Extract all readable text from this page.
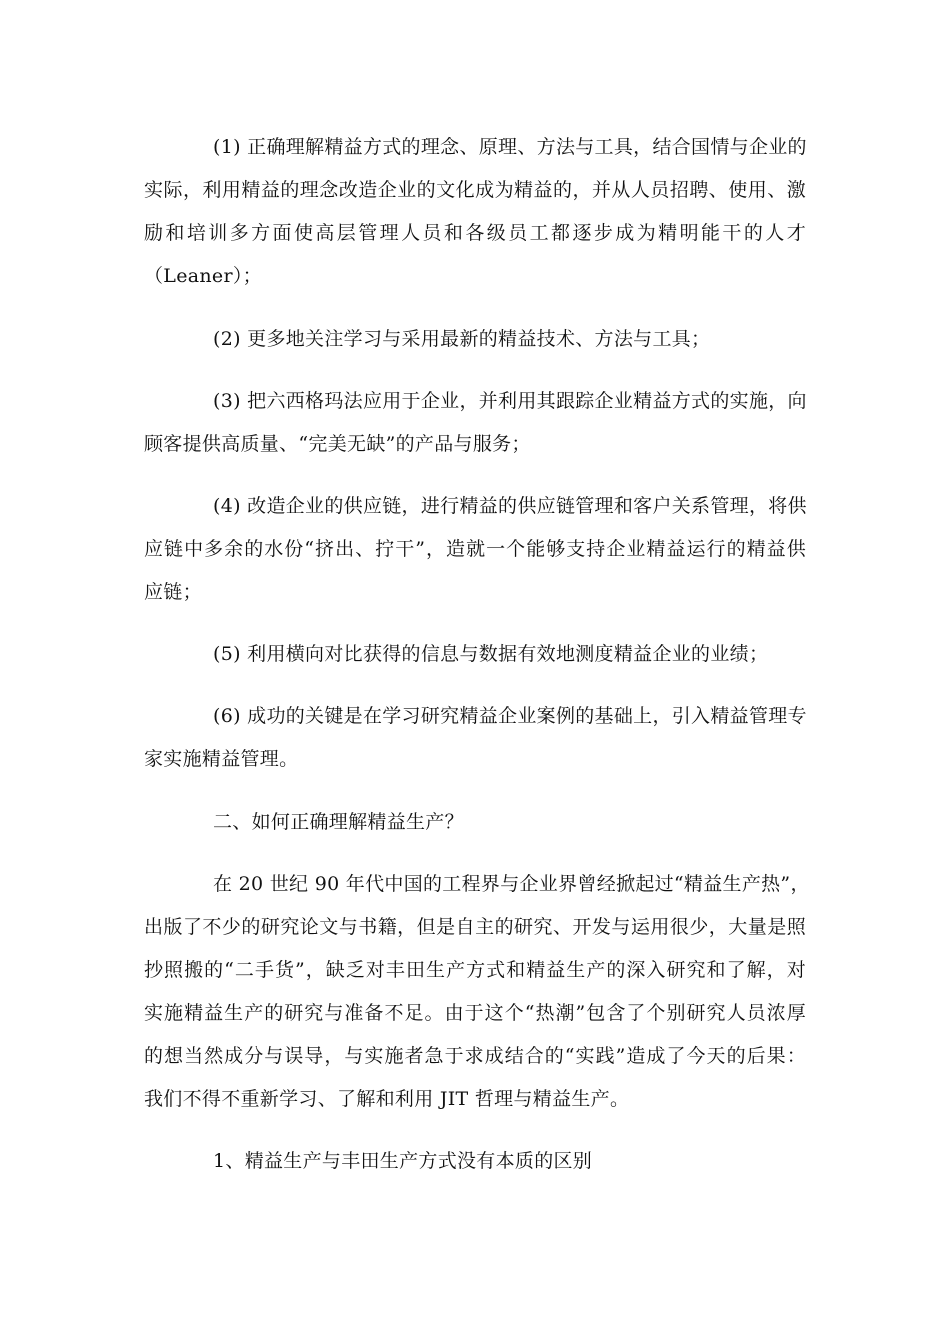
(1) 正确理解精益方式的理念、原理、方法与工具，结合国情与企业的

实际，利用精益的理念改造企业的文化成为精益的，并从人员招聘、使用、激

励和培训多方面使高层管理人员和各级员工都逐步成为精明能干的人才

（Leaner）；

(2) 更多地关注学习与采用最新的精益技术、方法与工具；

(3) 把六西格玛法应用于企业，并利用其跟踪企业精益方式的实施，向

顾客提供高质量、“完美无缺”的产品与服务；

(4) 改造企业的供应链，进行精益的供应链管理和客户关系管理，将供

应链中多余的水份“挤出、拧干”，造就一个能够支持企业精益运行的精益供

应链；

(5) 利用横向对比获得的信息与数据有效地测度精益企业的业绩；

(6) 成功的关键是在学习研究精益企业案例的基础上，引入精益管理专

家实施精益管理。

二、如何正确理解精益生产？

在 20 世纪 90 年代中国的工程界与企业界曾经掀起过“精益生产热”，

出版了不少的研究论文与书籍，但是自主的研究、开发与运用很少，大量是照

抄照搬的“二手货”，缺乏对丰田生产方式和精益生产的深入研究和了解，对

实施精益生产的研究与准备不足。由于这个“热潮”包含了个别研究人员浓厚

的想当然成分与误导，与实施者急于求成结合的“实践”造成了今天的后果：

我们不得不重新学习、了解和利用 JIT 哲理与精益生产。

1、精益生产与丰田生产方式没有本质的区别
